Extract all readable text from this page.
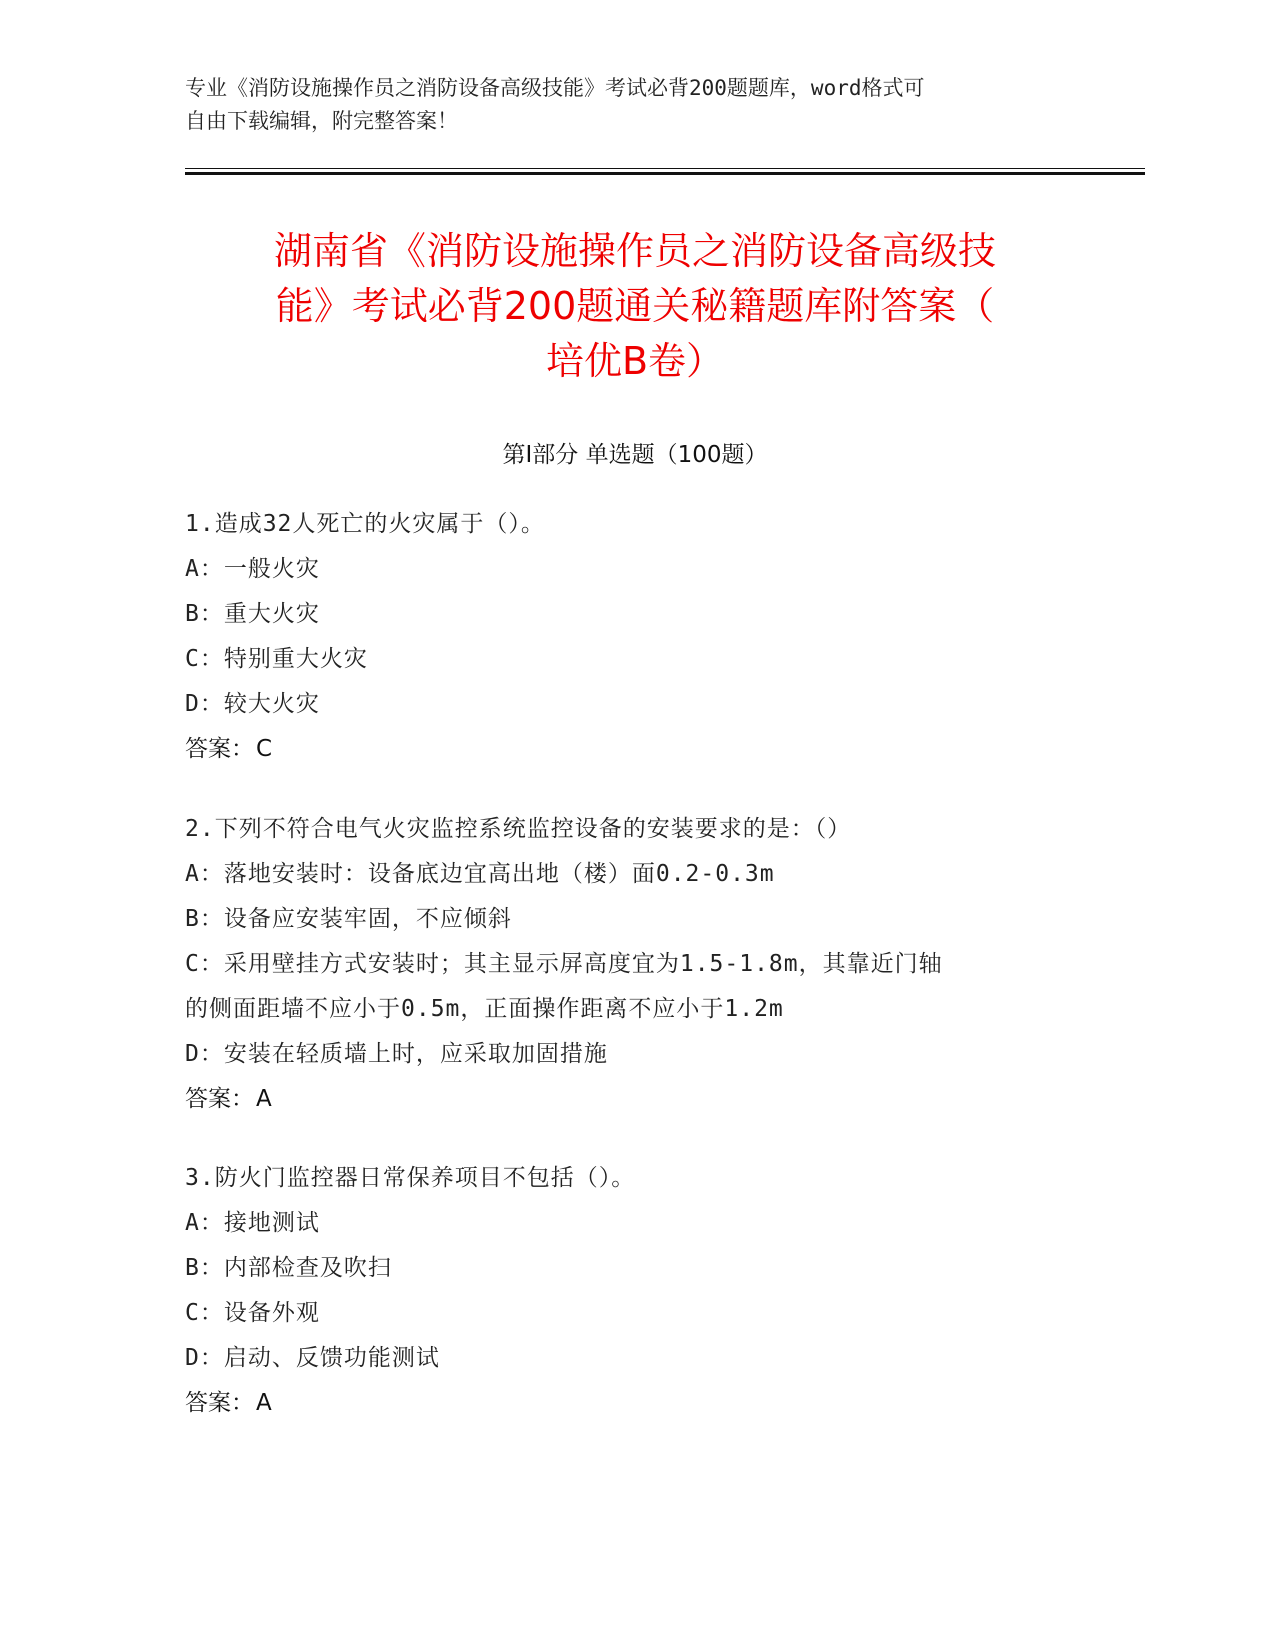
专业《消防设施操作员之消防设备高级技能》考试必背200题题库，word格式可
自由下载编辑，附完整答案！
湖南省《消防设施操作员之消防设备高级技
能》考试必背200题通关秘籍题库附答案（
培优B卷）
第Ⅰ部分 单选题（100题）
1.造成32人死亡的火灾属于（）。
A：一般火灾
B：重大火灾
C：特别重大火灾
D：较大火灾
答案：C
2.下列不符合电气火灾监控系统监控设备的安装要求的是：（）
A：落地安装时：设备底边宜高出地（楼）面0.2-0.3m
B：设备应安装牢固，不应倾斜
C：采用壁挂方式安装时；其主显示屏高度宜为1.5-1.8m，其靠近门轴
的侧面距墙不应小于0.5m，正面操作距离不应小于1.2m
D：安装在轻质墙上时，应采取加固措施
答案：A
3.防火门监控器日常保养项目不包括（）。
A：接地测试
B：内部检查及吹扫
C：设备外观
D：启动、反馈功能测试
答案：A
